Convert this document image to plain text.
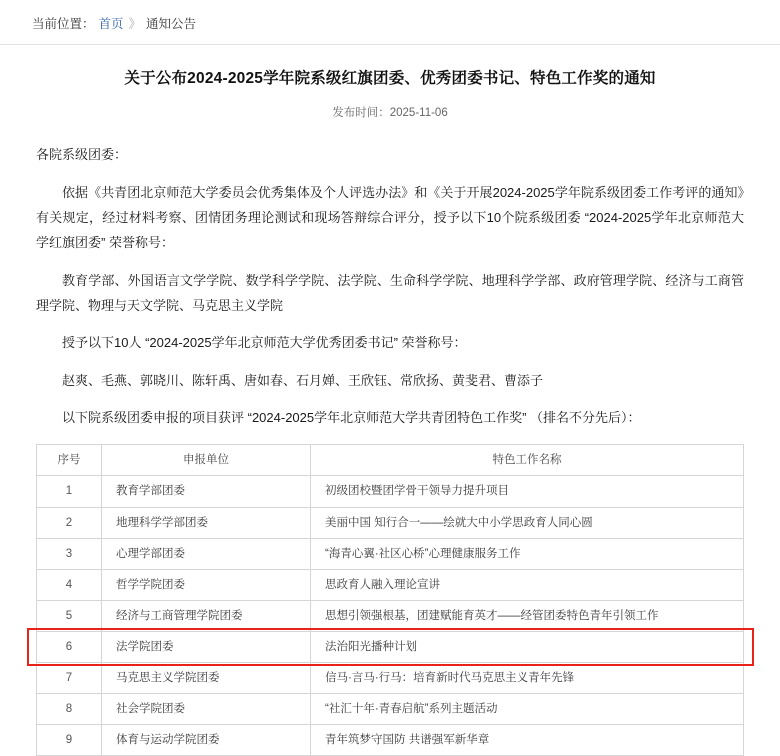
当前位置： 首页 》 通知公告
关于公布2024-2025学年院系级红旗团委、优秀团委书记、特色工作奖的通知
发布时间：2025-11-06
各院系级团委：
依据《共青团北京师范大学委员会优秀集体及个人评选办法》和《关于开展2024-2025学年院系级团委工作考评的通知》有关规定，经过材料考察、团情团务理论测试和现场答辩综合评分，授予以下10个院系级团委 “2024-2025学年北京师范大学红旗团委” 荣誉称号：
教育学部、外国语言文学学院、数学科学学院、法学院、生命科学学院、地理科学学部、政府管理学院、经济与工商管理学院、物理与天文学院、马克思主义学院
授予以下10人 “2024-2025学年北京师范大学优秀团委书记” 荣誉称号：
赵爽、毛燕、郭晓川、陈轩禹、唐如春、石月婵、王欣钰、常欣扬、黄斐君、曹添子
以下院系级团委申报的项目获评 “2024-2025学年北京师范大学共青团特色工作奖” （排名不分先后）：
序号	申报单位	特色工作名称
1	教育学部团委	初级团校暨团学骨干领导力提升项目
2	地理科学学部团委	美丽中国 知行合一——绘就大中小学思政育人同心圆
3	心理学部团委	“海青心翼·社区心桥”心理健康服务工作
4	哲学学院团委	思政育人融入理论宣讲
5	经济与工商管理学院团委	思想引领强根基，团建赋能育英才——经管团委特色青年引领工作
6	法学院团委	法治阳光播种计划
7	马克思主义学院团委	信马·言马·行马：培育新时代马克思主义青年先锋
8	社会学院团委	“社汇十年·青春启航”系列主题活动
9	体育与运动学院团委	青年筑梦守国防 共谱强军新华章
